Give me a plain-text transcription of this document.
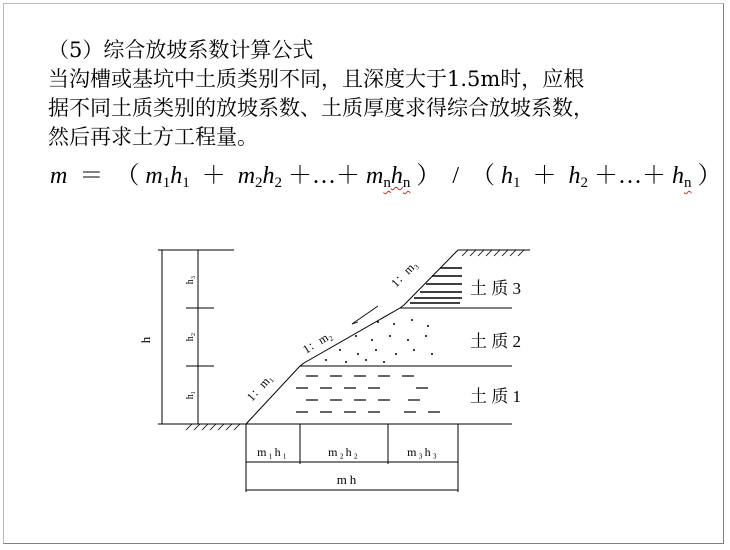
（5）综合放坡系数计算公式
当沟槽或基坑中土质类别不同，且深度大于1.5m时，应根
据不同土质类别的放坡系数、土质厚度求得综合放坡系数，
然后再求土方工程量。
m ＝ （ $m_1h_1 + m_2h_2$ ＋…＋ $m_nh_n$ ） / （ $h_1 + h_2$ ＋…＋ $h_n$ ）
土 质 3
土 质 2
土 质 1
1：m₁
1：m₂
1：m₃
h
h₃
h₂
h₁
m₁h₁	m₂h₂	m₃h₃
mh
